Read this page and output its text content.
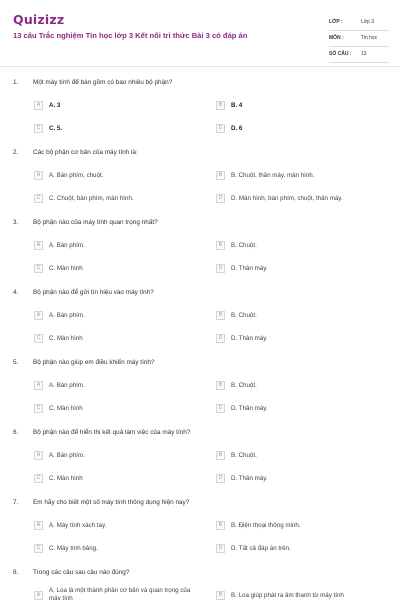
Quizizz
13 câu Trắc nghiệm Tin học lớp 3 Kết nối tri thức Bài 3 có đáp án
LỚP :	Lớp 3
MÔN :	Tin học
SỐ CÂU :	13
1. Một máy tính để bàn gồm có bao nhiêu bộ phận?
A	A. 3	B	B. 4
C	C. 5.	D	D. 6
2. Các bộ phận cơ bản của máy tính là:
A	A. Bàn phím, chuột.	B	B. Chuột, thân máy, màn hình.
C	C. Chuột, bàn phím, màn hình.	D	D. Màn hình, bàn phím, chuột, thân máy.
3. Bộ phận nào của máy tính quan trọng nhất?
A	A. Bàn phím.	B	B. Chuột.
C	C. Màn hình	D	D. Thân máy.
4. Bộ phận nào để gửi tín hiệu vào máy tính?
A	A. Bàn phím.	B	B. Chuột.
C	C. Màn hình	D	D. Thân máy.
5. Bộ phận nào giúp em điều khiển máy tính?
A	A. Bàn phím.	B	B. Chuột.
C	C. Màn hình	D	D. Thân máy.
6. Bộ phận nào để hiển thị kết quả làm việc của máy tính?
A	A. Bàn phím.	B	B. Chuột.
C	C. Màn hình	D	D. Thân máy.
7. Em hãy cho biết một số máy tính thông dụng hiện nay?
A	A. Máy tính xách tay.	B	B. Điện thoại thông minh.
C	C. Máy tính bảng.	D	D. Tất cả đáp án trên.
8. Trong các câu sau câu nào đúng?
A
A. Loa là một thành phần cơ bản và quan trọng của máy tính	B	B. Loa giúp phát ra âm thanh từ máy tính
